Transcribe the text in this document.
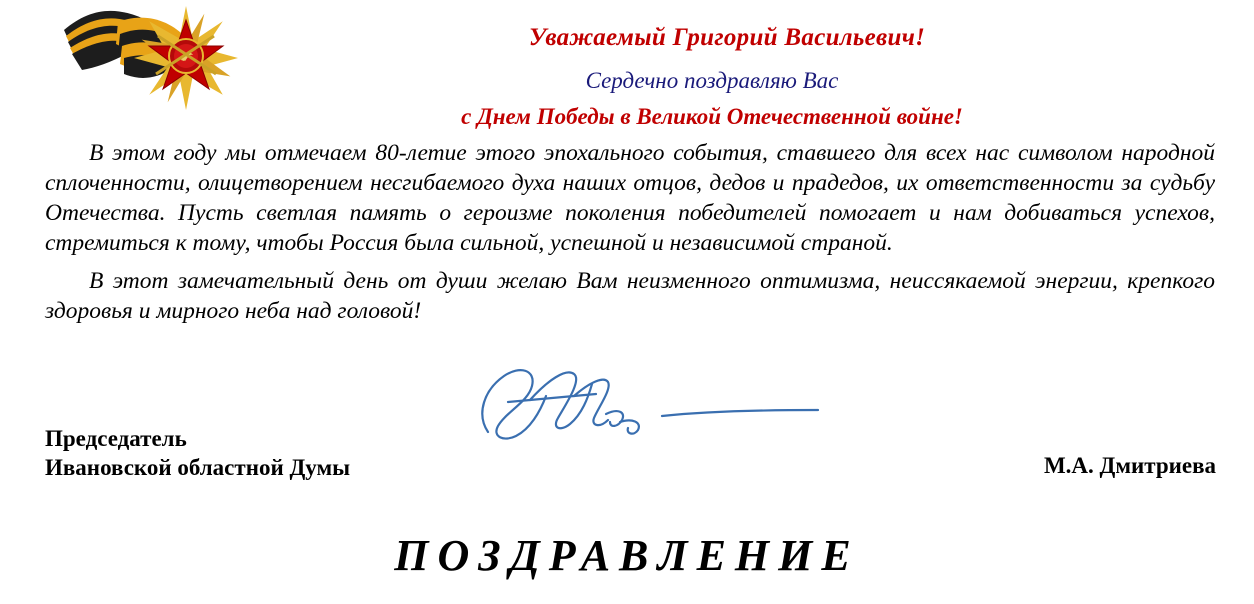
Уважаемый Григорий Васильевич!
Сердечно поздравляю Вас
с Днем Победы в Великой Отечественной войне!

В этом году мы отмечаем 80-летие этого эпохального события, ставшего для всех нас символом народной сплоченности, олицетворением несгибаемого духа наших отцов, дедов и прадедов, их ответственности за судьбу Отечества. Пусть светлая память о героизме поколения победителей помогает и нам добиваться успехов, стремиться к тому, чтобы Россия была сильной, успешной и независимой страной.

В этот замечательный день от души желаю Вам неизменного оптимизма, неиссякаемой энергии, крепкого здоровья и мирного неба над головой!

Председатель
Ивановской областной Думы	М.А. Дмитриева
ПОЗДРАВЛЕНИЕ
